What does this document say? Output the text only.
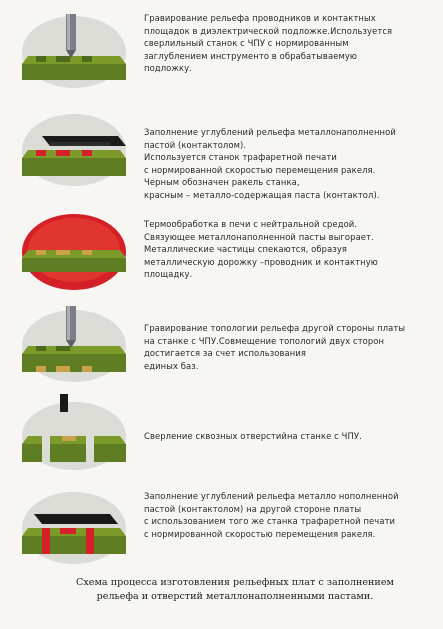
Гравирование рельефа проводников и контактных
площадок в диэлектрической подложке.Используется
сверлильный станок с ЧПУ с нормированным
заглублением инструменто в обрабатываемую
подложку.
Заполнение углублений рельефа металлонаполненной
пастой (контактолом).
Используется станок трафаретной печати
с нормированной скоростью перемещения ракеля.
Черным обозначен ракель станка,
красным – металло-содержащая паста (контактол).
Термообработка в печи с нейтральной средой.
Связующее металлонаполненной пасты выгорает.
Металлические частицы спекаются, образуя
металлическую дорожку –проводник и контактную
площадку.
Гравирование топологии рельефа другой стороны платы
на станке с ЧПУ.Совмещение топологий двух сторон
достигается за счет использования
единых баз.
Сверление сквозных отверстийна станке с ЧПУ.
Заполнение углублений рельефа металло нополненной
пастой (контактолом) на другой стороне платы
с использованием того же станка трафаретной печати
с нормированной скоростью перемещения ракеля.
Схема процесса изготовления рельефных плат с заполнением
рельефа и отверстий металлонаполненными пастами.
